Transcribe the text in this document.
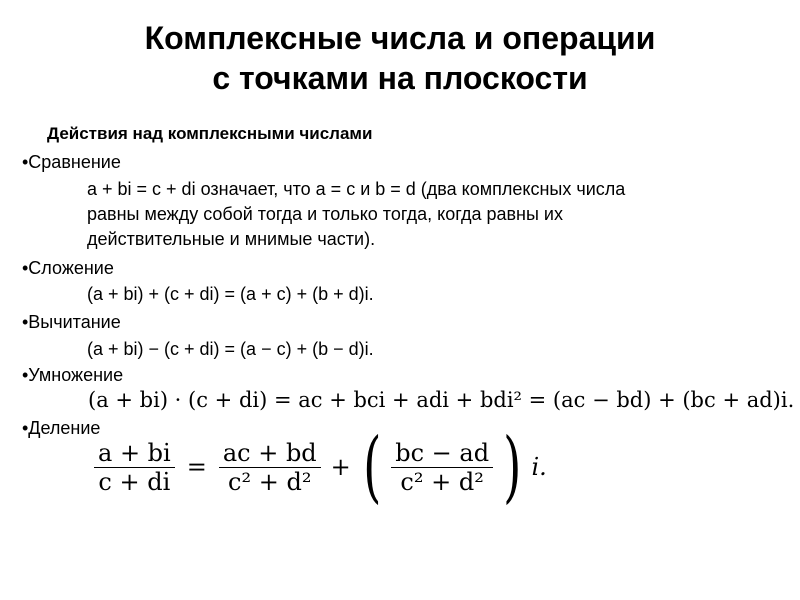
Комплексные числа и операции
с точками на плоскости
Действия над комплексными числами
•Сравнение
a + bi = c + di означает, что a = c и b = d (два комплексных числа
равны между собой тогда и только тогда, когда равны их
действительные и мнимые части).
•Сложение
(a + bi) + (c + di) = (a + c) + (b + d)i.
•Вычитание
(a + bi) − (c + di) = (a − c) + (b − d)i.
•Умножение
(a + bi) · (c + di) = ac + bci + adi + bdi² = (ac − bd) + (bc + ad)i.
•Деление
$\frac{a + bi}{c + di} = \frac{ac + bd}{\text{c² + d²}}$ + ( $\frac{bc - ad}{\text{c² + d²}}$ ) i.
